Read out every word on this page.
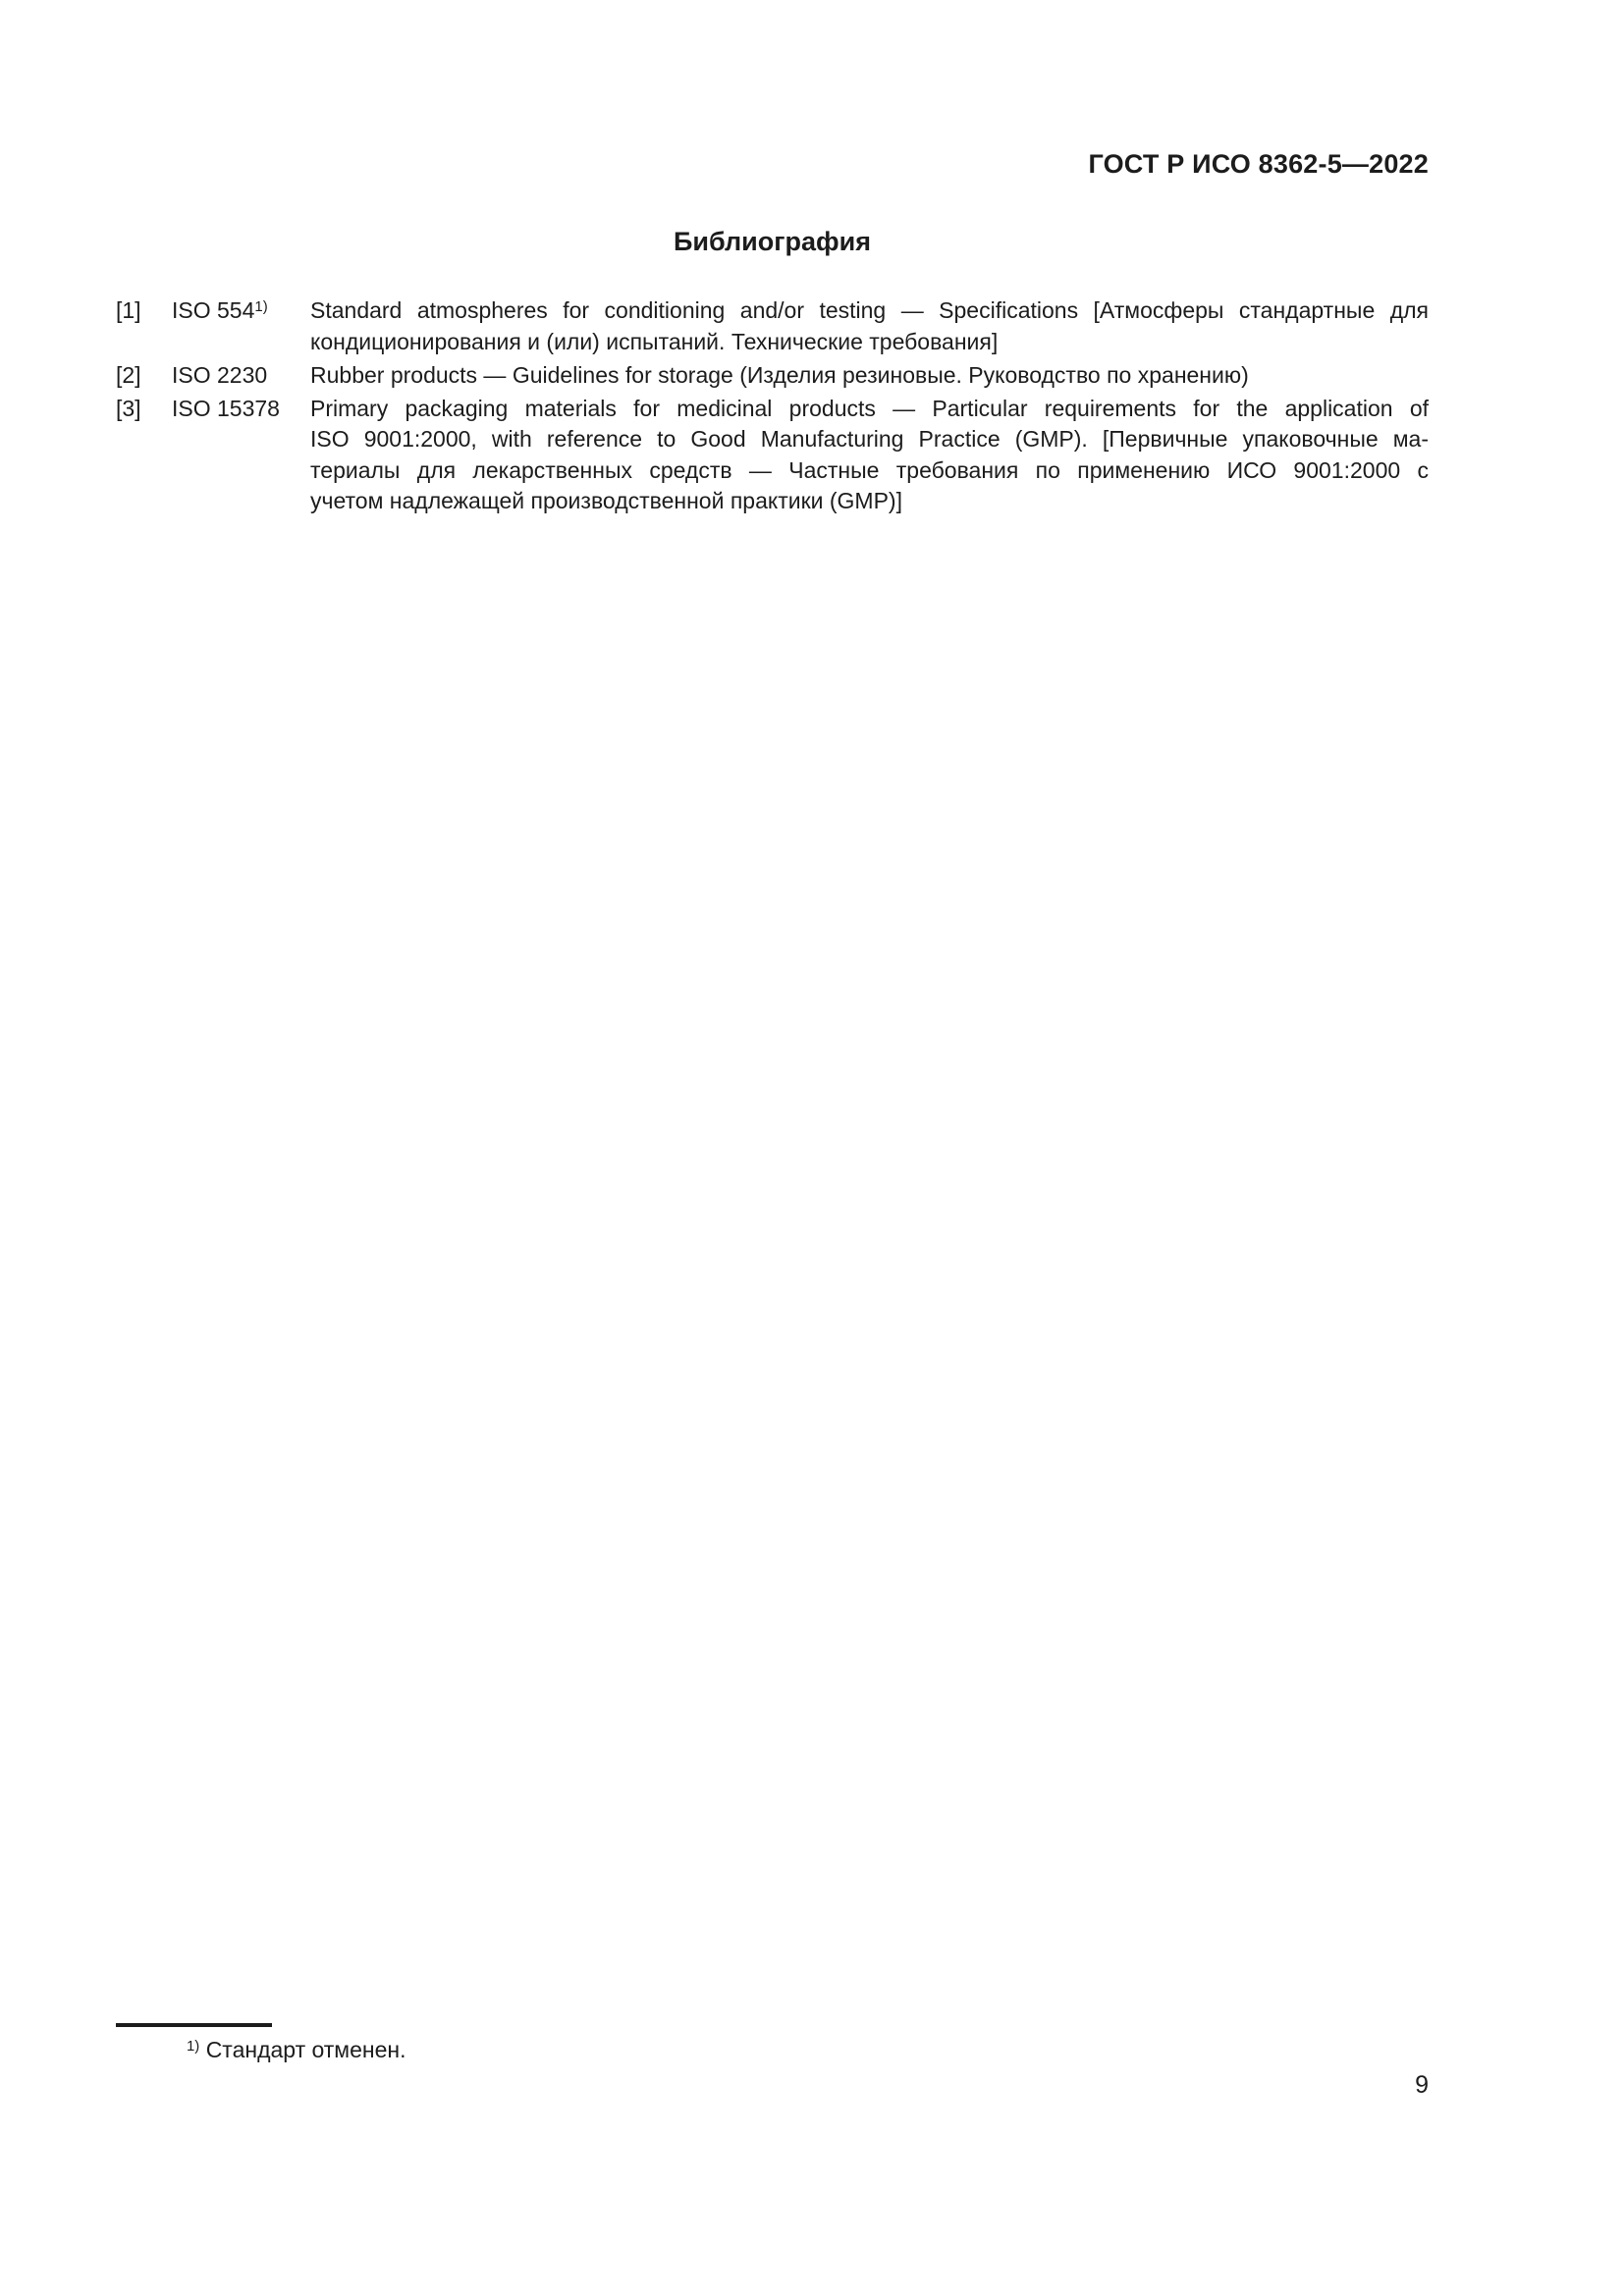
ГОСТ Р ИСО 8362-5—2022
Библиография
[1]	ISO 554$^{1)}$	Standard atmospheres for conditioning and/or testing — Specifications [Атмосферы стандартные для
кондиционирования и (или) испытаний. Технические требования]
[2]	ISO 2230	Rubber products — Guidelines for storage (Изделия резиновые. Руководство по хранению)
[3]	ISO 15378	Primary packaging materials for medicinal products — Particular requirements for the application of
ISO 9001:2000, with reference to Good Manufacturing Practice (GMP). [Первичные упаковочные ма-
териалы для лекарственных средств — Частные требования по применению ИСО 9001:2000 с
учетом надлежащей производственной практики (GMP)]
$^{1)}$ Стандарт отменен.
9
